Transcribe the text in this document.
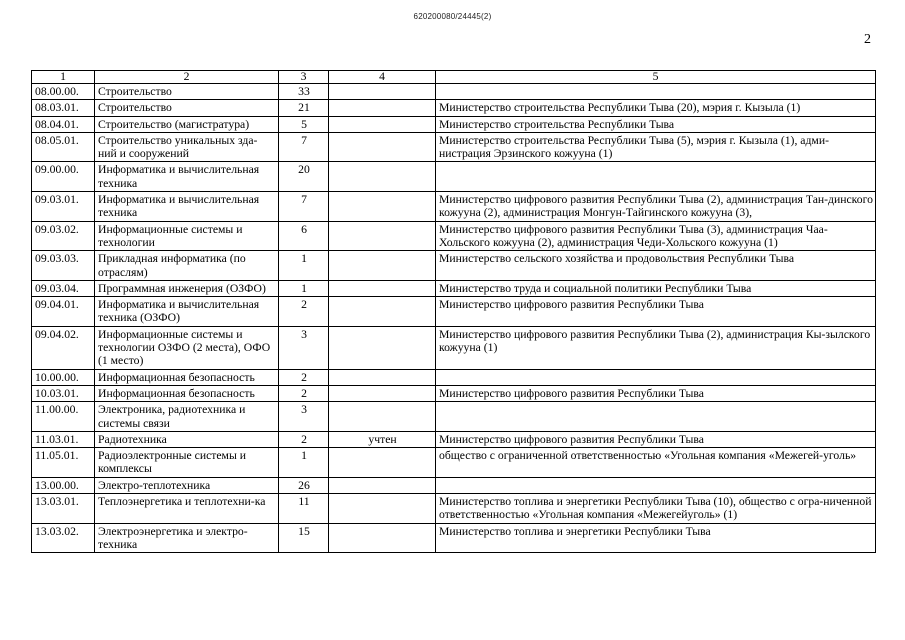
620200080/24445(2)
2
1	2	3	4	5
08.00.00.	Строительство	33		
08.03.01.	Строительство	21		Министерство строительства Республики Тыва (20), мэрия г. Кызыла (1)
08.04.01.	Строительство (магистратура)	5		Министерство строительства Республики Тыва
08.05.01.	Строительство уникальных зда-ний и сооружений	7		Министерство строительства Республики Тыва (5), мэрия г. Кызыла (1), адми-нистрация Эрзинского кожууна (1)
09.00.00.	Информатика и вычислительная техника	20		
09.03.01.	Информатика и вычислительная техника	7		Министерство цифрового развития Республики Тыва (2), администрация Тан-динского кожууна (2), администрация Монгун-Тайгинского кожууна (3),
09.03.02.	Информационные системы и технологии	6		Министерство цифрового развития Республики Тыва (3), администрация Чаа-Хольского кожууна (2), администрация Чеди-Хольского кожууна (1)
09.03.03.	Прикладная информатика (по отраслям)	1		Министерство сельского хозяйства и продовольствия Республики Тыва
09.03.04.	Программная инженерия (ОЗФО)	1		Министерство труда и социальной политики Республики Тыва
09.04.01.	Информатика и вычислительная техника (ОЗФО)	2		Министерство цифрового развития Республики Тыва
09.04.02.	Информационные системы и технологии ОЗФО (2 места), ОФО (1 место)	3		Министерство цифрового развития Республики Тыва (2), администрация Кы-зылского кожууна (1)
10.00.00.	Информационная безопасность	2		
10.03.01.	Информационная безопасность	2		Министерство цифрового развития Республики Тыва
11.00.00.	Электроника, радиотехника и системы связи	3		
11.03.01.	Радиотехника	2	учтен	Министерство цифрового развития Республики Тыва
11.05.01.	Радиоэлектронные системы и комплексы	1		общество с ограниченной ответственностью «Угольная компания «Межегей-уголь»
13.00.00.	Электро-теплотехника	26		
13.03.01.	Теплоэнергетика и теплотехни-ка	11		Министерство топлива и энергетики Республики Тыва (10), общество с огра-ниченной ответственностью «Угольная компания «Межегейуголь» (1)
13.03.02.	Электроэнергетика и электро-техника	15		Министерство топлива и энергетики Республики Тыва
